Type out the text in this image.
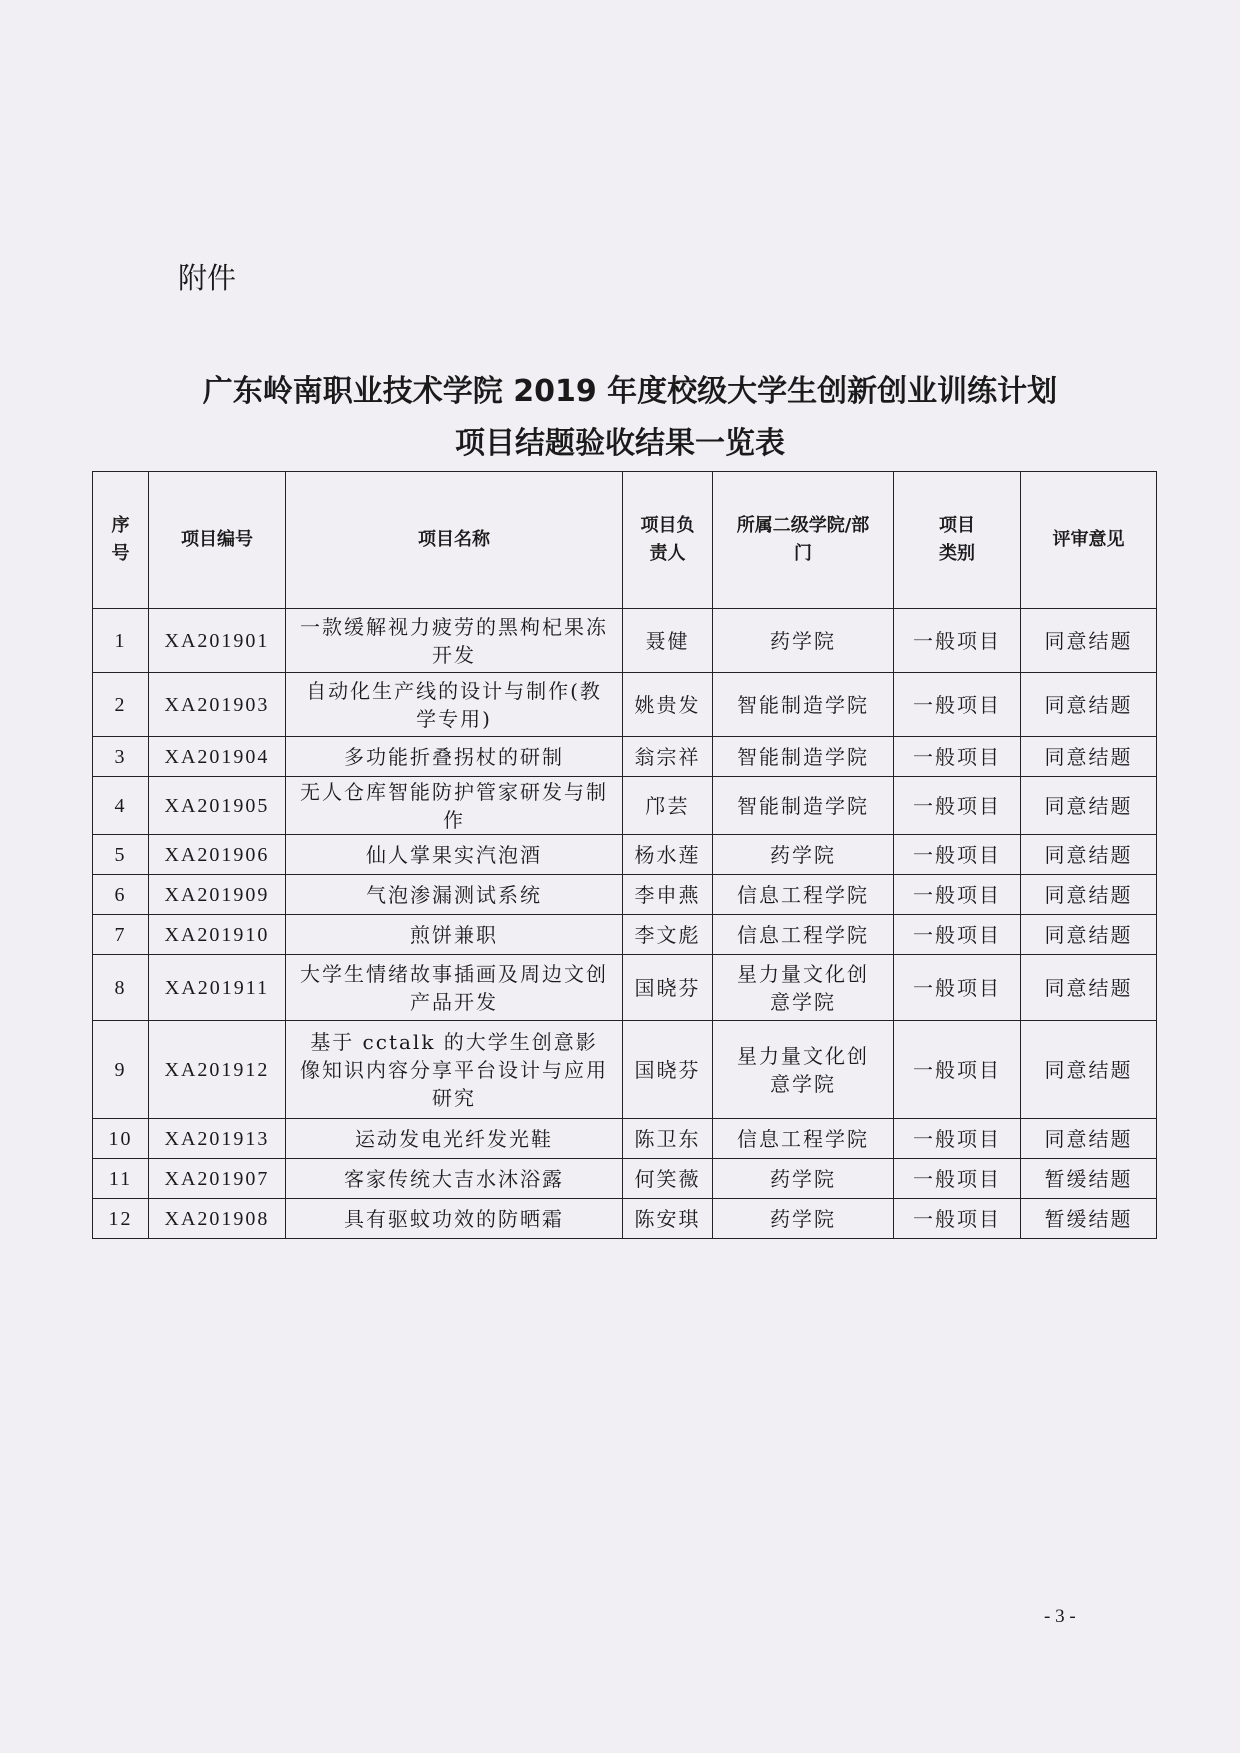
附件
广东岭南职业技术学院 2019 年度校级大学生创新创业训练计划
项目结题验收结果一览表
序号	项目编号	项目名称	项目负责人	所属二级学院/部门	项目类别	评审意见
1	XA201901	一款缓解视力疲劳的黑枸杞果冻开发	聂健	药学院	一般项目	同意结题
2	XA201903	自动化生产线的设计与制作(教学专用)	姚贵发	智能制造学院	一般项目	同意结题
3	XA201904	多功能折叠拐杖的研制	翁宗祥	智能制造学院	一般项目	同意结题
4	XA201905	无人仓库智能防护管家研发与制作	邝芸	智能制造学院	一般项目	同意结题
5	XA201906	仙人掌果实汽泡酒	杨水莲	药学院	一般项目	同意结题
6	XA201909	气泡渗漏测试系统	李申燕	信息工程学院	一般项目	同意结题
7	XA201910	煎饼兼职	李文彪	信息工程学院	一般项目	同意结题
8	XA201911	大学生情绪故事插画及周边文创产品开发	国晓芬	星力量文化创意学院	一般项目	同意结题
9	XA201912	基于 cctalk 的大学生创意影像知识内容分享平台设计与应用研究	国晓芬	星力量文化创意学院	一般项目	同意结题
10	XA201913	运动发电光纤发光鞋	陈卫东	信息工程学院	一般项目	同意结题
11	XA201907	客家传统大吉水沐浴露	何笑薇	药学院	一般项目	暂缓结题
12	XA201908	具有驱蚊功效的防晒霜	陈安琪	药学院	一般项目	暂缓结题
- 3 -
